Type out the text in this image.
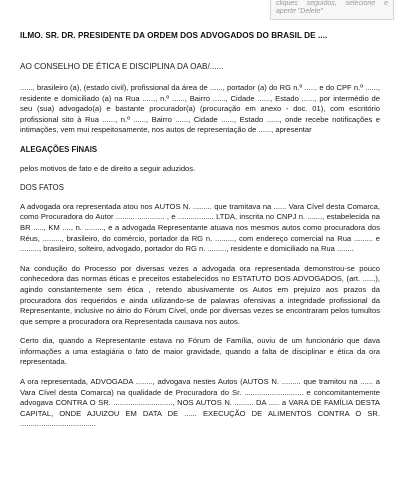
cliques seguidos, selecione e aperte "Delete"
ILMO. SR. DR. PRESIDENTE DA ORDEM DOS ADVOGADOS DO BRASIL DE ....
AO CONSELHO DE ÉTICA E DISCIPLINA DA OAB/......

......, brasileiro (a), (estado civil), profissional da área de ......, portador (a) do RG n.º ...... e do CPF n.º ......, residente e domiciliado (a) na Rua ......, n.º ......, Bairro ......, Cidade ......, Estado ......, por intermédio de seu (sua) advogado(a) e bastante procurador(a) (procuração em anexo - doc. 01), com escritório profissional sito à Rua ......, n.º ......, Bairro ......, Cidade ......, Estado ......, onde recebe notificações e intimações, vem mui respeitosamente, nos autos de representação de ......, apresentar

ALEGAÇÕES FINAIS

pelos motivos de fato e de direito a seguir aduzidos.

DOS FATOS

A advogada ora representada atou nos AUTOS N. ......... que tramitava na ...... Vara Cível desta Comarca, como Procuradora do Autor ......... ............. , e ................. LTDA, inscrita no CNPJ n. ......., estabelecida na BR ....., KM ...., n. ........., e a advogada Representante atuava nos mesmos autos como procuradora dos Réus, ........., brasileiro, do comércio, portador da RG n. ........., com endereço comercial na Rua ......... e ........., brasileiro, solteiro, advogado, portador do RG n. ........., residente e domiciliado na Rua ........

Na condução do Processo por diversas vezes a advogada ora representada demonstrou-se pouco conhecedora das normas éticas e preceitos estabelecidos no ESTATUTO DOS ADVOGADOS, (art. ......), agindo constantemente sem ética , retendo abusivamente os Autos em prejuízo aos prazos da procuradora dos requeridos e ainda utilizando-se de palavras ofensivas a integridade profissional da Representante, inclusive no átrio do Fórum Cível, onde por diversas vezes se encontraram pelos tumultos que sempre a procuradora ora Representada causava nos autos.

Certo dia, quando a Representante estava no Fórum de Família, ouviu de um funcionário que dava informações a uma estagiária o fato de maior gravidade, quando a falta de disciplinar e ética da ora representada.

A ora representada, ADVOGADA ........, advogava nestes Autos (AUTOS N. ......... que tramitou na ...... a Vara Cível desta Comarca) na qualidade de Procuradora do Sr. ............................ e concomitantemente advogava CONTRA O SR. ............................, NOS AUTOS N. ......... DA ..... a VARA DE FAMÍLIA DESTA CAPITAL, ONDE AJUIZOU EM DATA DE ...... EXECUÇÃO DE ALIMENTOS CONTRA O SR. ....................................
